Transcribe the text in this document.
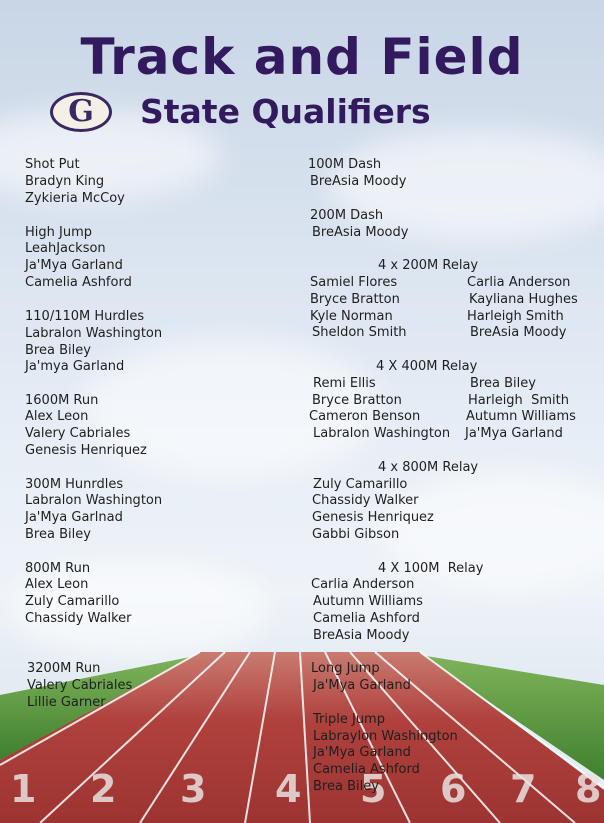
1 2 3 4 5 6 7 8
Track and Field
G State Qualifiers
Shot Put
Bradyn King
Zykieria McCoy
High Jump
LeahJackson
Ja'Mya Garland
Camelia Ashford
110/110M Hurdles
Labralon Washington
Brea Biley
Ja'mya Garland
1600M Run
Alex Leon
Valery Cabriales
Genesis Henriquez
300M Hunrdles
Labralon Washington
Ja'Mya Garlnad
Brea Biley
800M Run
Alex Leon
Zuly Camarillo
Chassidy Walker
3200M Run
Valery Cabriales
Lillie Garner
100M Dash
BreAsia Moody
200M Dash
BreAsia Moody
4 x 200M Relay
Samiel Flores
Bryce Bratton
Kyle Norman
Sheldon Smith
Carlia Anderson
Kayliana Hughes
Harleigh Smith
BreAsia Moody
4 X 400M Relay
Remi Ellis
Bryce Bratton
Cameron Benson
Labralon Washington
Brea Biley
Harleigh  Smith
Autumn Williams
Ja'Mya Garland
4 x 800M Relay
Zuly Camarillo
Chassidy Walker
Genesis Henriquez
Gabbi Gibson
4 X 100M  Relay
Carlia Anderson
Autumn Williams
Camelia Ashford
BreAsia Moody
Long Jump
Ja'Mya Garland
Triple Jump
Labraylon Washington
Ja'Mya Garland
Camelia Ashford
Brea Biley
